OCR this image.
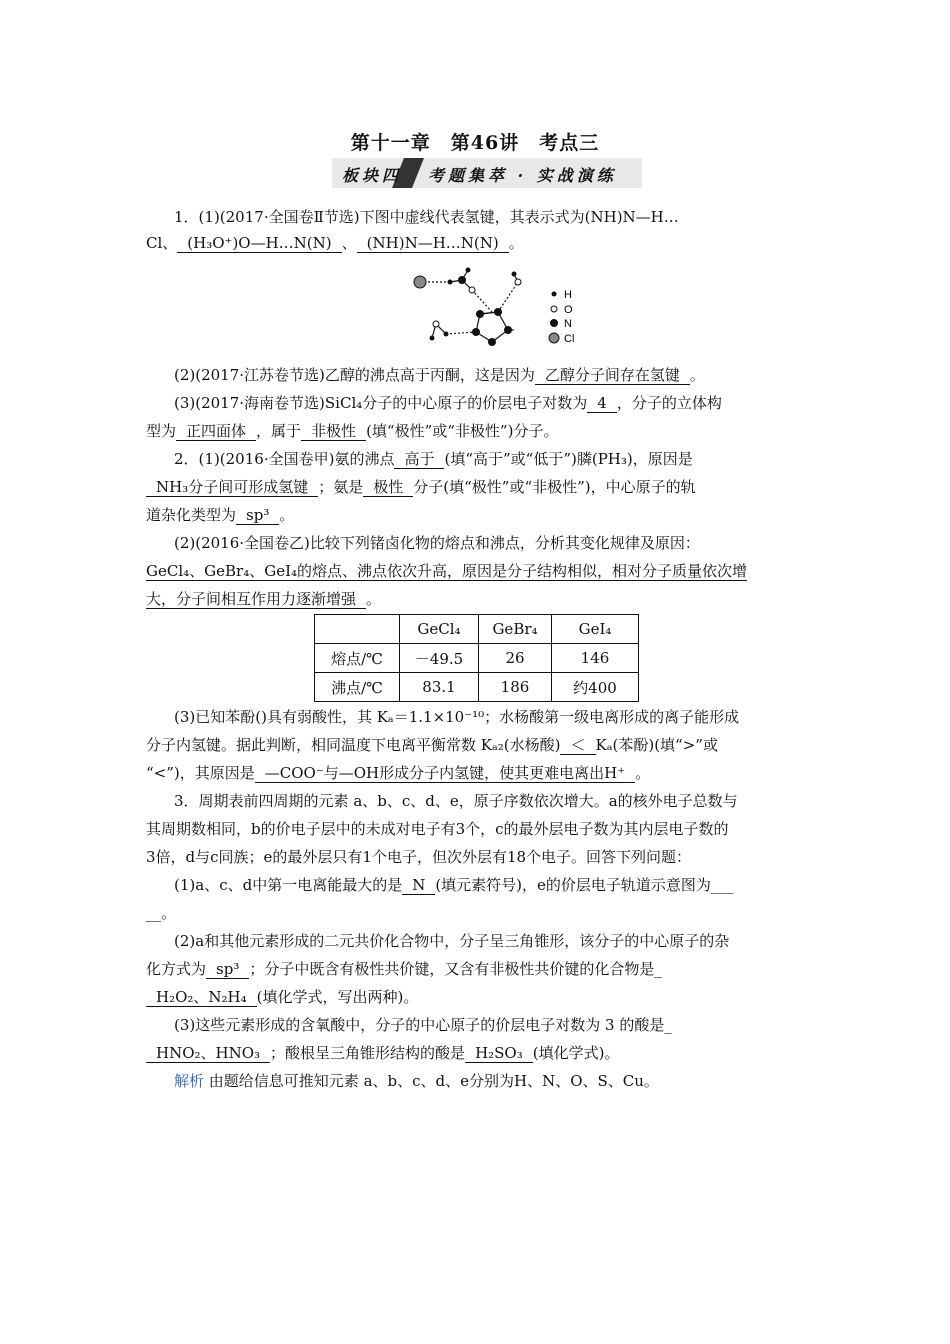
第十一章　第46讲　考点三
板块四 考题集萃 · 实战演练
1．(1)(2017·全国卷Ⅱ节选)下图中虚线代表氢键，其表示式为(NH)N—H…
Cl、 (H₃O⁺)O—H…N(N) 、 (NH)N—H…N(N) 。
H
O
N
Cl
(2)(2017·江苏卷节选)乙醇的沸点高于丙酮，这是因为 乙醇分子间存在氢键 。
(3)(2017·海南卷节选)SiCl₄分子的中心原子的价层电子对数为 4 ，分子的立体构
型为 正四面体 ，属于 非极性 (填“极性”或“非极性”)分子。
2．(1)(2016·全国卷甲)氨的沸点 高于 (填“高于”或“低于”)膦(PH₃)，原因是
NH₃分子间可形成氢键 ；氨是 极性 分子(填“极性”或“非极性”)，中心原子的轨
道杂化类型为 sp³ 。
(2)(2016·全国卷乙)比较下列锗卤化物的熔点和沸点，分析其变化规律及原因：
GeCl₄、GeBr₄、GeI₄的熔点、沸点依次升高，原因是分子结构相似，相对分子质量依次增
大，分子间相互作用力逐渐增强 。
	GeCl₄	GeBr₄	GeI₄
熔点/℃	－49.5	26	146
沸点/℃	83.1	186	约400
(3)已知苯酚()具有弱酸性，其 Kₐ＝1.1×10⁻¹⁰；水杨酸第一级电离形成的离子能形成
分子内氢键。据此判断，相同温度下电离平衡常数 Kₐ₂(水杨酸) ＜ Kₐ(苯酚)(填“>”或
“<”)，其原因是 —COO⁻与—OH形成分子内氢键，使其更难电离出H⁺ 。
3．周期表前四周期的元素 a、b、c、d、e，原子序数依次增大。a的核外电子总数与
其周期数相同，b的价电子层中的未成对电子有3个，c的最外层电子数为其内层电子数的
3倍，d与c同族；e的最外层只有1个电子，但次外层有18个电子。回答下列问题：
(1)a、c、d中第一电离能最大的是 N (填元素符号)，e的价层电子轨道示意图为___
__。
(2)a和其他元素形成的二元共价化合物中，分子呈三角锥形，该分子的中心原子的杂
化方式为 sp³ ；分子中既含有极性共价键，又含有非极性共价键的化合物是_
H₂O₂、N₂H₄ (填化学式，写出两种)。
(3)这些元素形成的含氧酸中，分子的中心原子的价层电子对数为 3 的酸是_
HNO₂、HNO₃ ；酸根呈三角锥形结构的酸是 H₂SO₃ (填化学式)。
解析 由题给信息可推知元素 a、b、c、d、e分别为H、N、O、S、Cu。
